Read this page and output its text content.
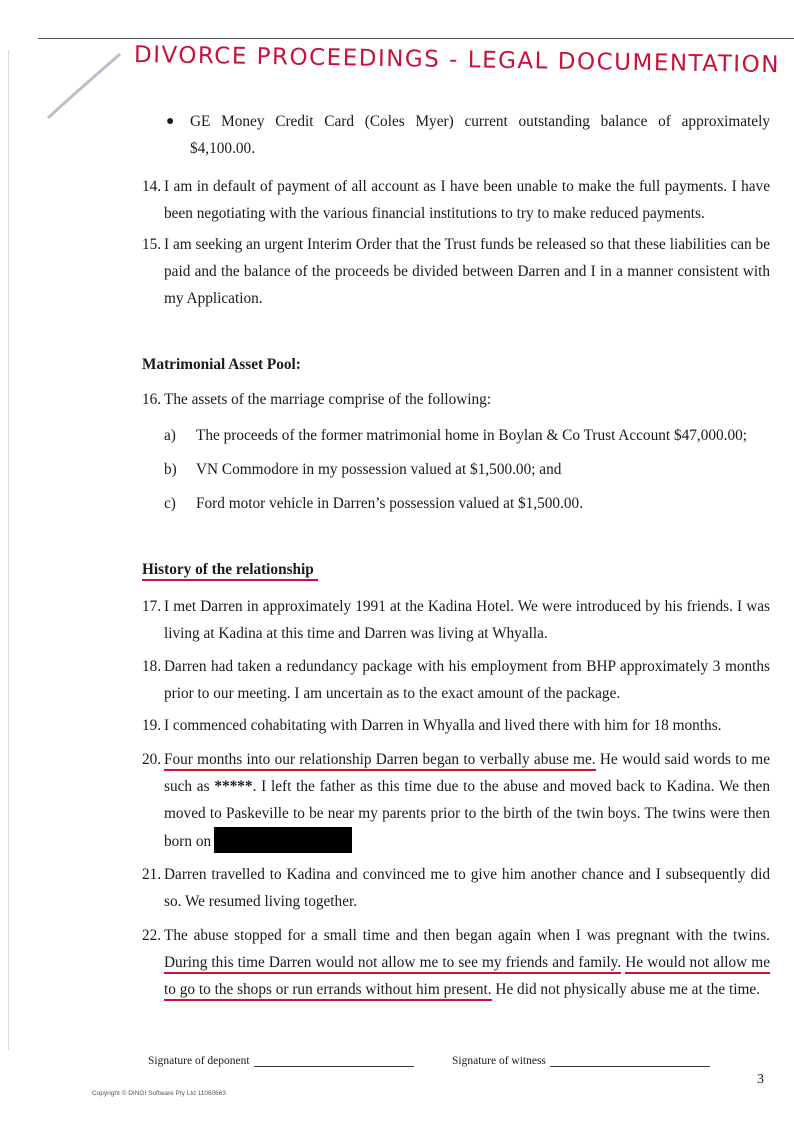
DIVORCE PROCEEDINGS - LEGAL DOCUMENTATION
● GE Money Credit Card (Coles Myer) current outstanding balance of approximately
$4,100.00.
14. I am in default of payment of all account as I have been unable to make the full payments. I have been negotiating with the various financial institutions to try to make reduced payments.
15. I am seeking an urgent Interim Order that the Trust funds be released so that these liabilities can be paid and the balance of the proceeds be divided between Darren and I in a manner consistent with my Application.
Matrimonial Asset Pool:
16. The assets of the marriage comprise of the following:
a) The proceeds of the former matrimonial home in Boylan & Co Trust Account $47,000.00;
b) VN Commodore in my possession valued at $1,500.00; and
c) Ford motor vehicle in Darren’s possession valued at $1,500.00.
History of the relationship
17. I met Darren in approximately 1991 at the Kadina Hotel. We were introduced by his friends. I was living at Kadina at this time and Darren was living at Whyalla.
18. Darren had taken a redundancy package with his employment from BHP approximately 3 months prior to our meeting. I am uncertain as to the exact amount of the package.
19. I commenced cohabitating with Darren in Whyalla and lived there with him for 18 months.
20. Four months into our relationship Darren began to verbally abuse me. He would said words to me such as *****. I left the father as this time due to the abuse and moved back to Kadina. We then moved to Paskeville to be near my parents prior to the birth of the twin boys. The twins were then born on
21. Darren travelled to Kadina and convinced me to give him another chance and I subsequently did so. We resumed living together.
22. The abuse stopped for a small time and then began again when I was pregnant with the twins. During this time Darren would not allow me to see my friends and family. He would not allow me to go to the shops or run errands without him present. He did not physically abuse me at the time.
Signature of deponent	Signature of witness
3
Copyright © DINGI Software Pty Ltd 11060663
